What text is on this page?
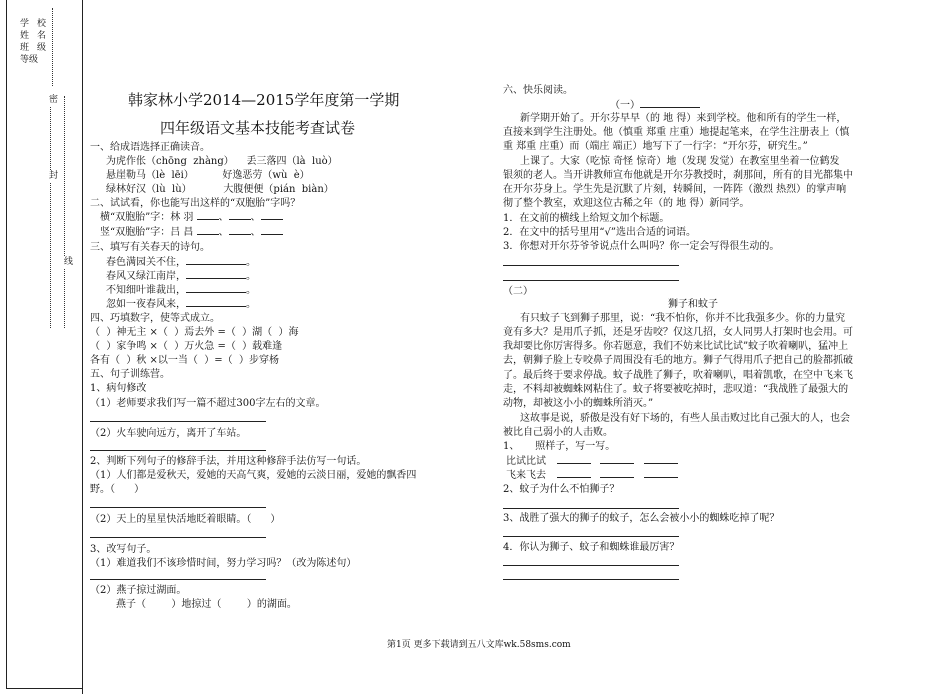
学 校
姓 名
班 级
等级
密
封
线
韩家林小学2014—2015学年度第一学期
四年级语文基本技能考查试卷
一、给成语选择正确读音。
为虎作伥（chōng  zhàng）    丢三落四（là  luò）
悬崖勒马（lè  lēi）         好逸恶劳（wù  è）
绿林好汉（lù  lù）          大腹便便（pián  biàn）
二、试试看，你也能写出这样的“双胞胎”字吗？
横“双胞胎”字：林 羽	、 、
竖“双胞胎”字：吕 昌	、 、
三、填写有关春天的诗句。
春色满园关不住，	。
春风又绿江南岸，	。
不知细叶谁裁出，	。
忽如一夜春风来，	。
四、巧填数字，使等式成立。
（  ）神无主 ×（  ）焉去外 =（  ）湖（  ）海
（  ）家争鸣 ×（  ）万火急 =（  ）载难逢
各有（  ）秋 ×以一当（  ）=（  ）步穿杨
五、句子训练营。
1、病句修改
（1）老师要求我们写一篇不超过300字左右的文章。
（2）火车驶向远方，离开了车站。
2、判断下列句子的修辞手法，并用这种修辞手法仿写一句话。
（1）人们都是爱秋天，爱她的天高气爽，爱她的云淡日丽，爱她的飘香四
野。（      ）
（2）天上的星星快活地眨着眼睛。（      ）
3、改写句子。
（1）难道我们不该珍惜时间，努力学习吗？（改为陈述句）
（2）燕子掠过湖面。
燕子（        ）地掠过（        ）的湖面。
六、快乐阅读。
（一）
新学期开始了。开尔芬早早（的 地 得）来到学校。他和所有的学生一样，
直接来到学生注册处。他（慎重 郑重 庄重）地提起笔来，在学生注册表上（慎
重 郑重 庄重）而（端庄 端正）地写下了一行字：“开尔芬，研究生。”
上课了。大家（吃惊 奇怪 惊奇）地（发现 发觉）在教室里坐着一位鹤发
银须的老人。当开讲教师宣布他就是开尔芬教授时，刹那间，所有的目光都集中
在开尔芬身上。学生先是沉默了片刻，转瞬间，一阵阵（激烈 热烈）的掌声响
彻了整个教室，欢迎这位古稀之年（的 地 得）新同学。
1．在文前的横线上给短文加个标题。
2．在文中的括号里用“√”选出合适的词语。
3．你想对开尔芬爷爷说点什么叫吗？你一定会写得很生动的。
（二）
狮子和蚊子
有只蚊子飞到狮子那里，说：“我不怕你，你并不比我强多少。你的力量究
竟有多大？是用爪子抓，还是牙齿咬？仅这几招，女人同男人打架时也会用。可
我却要比你厉害得多。你若愿意，我们不妨来比试比试”蚊子吹着喇叭，猛冲上
去，朝狮子脸上专咬鼻子周围没有毛的地方。狮子气得用爪子把自己的脸都抓破
了。最后终于要求停战。蚊子战胜了狮子，吹着喇叭，唱着凯歌，在空中飞来飞
走，不料却被蜘蛛网粘住了。蚊子将要被吃掉时，悲叹道：“我战胜了最强大的
动物，却被这小小的蜘蛛所消灭。”
这故事是说，骄傲是没有好下场的，有些人虽击败过比自己强大的人，也会
被比自己弱小的人击败。
1、     照样子，写一写。
比试比试
飞来飞去
2、蚊子为什么不怕狮子？
3、战胜了强大的狮子的蚊子，怎么会被小小的蜘蛛吃掉了呢？
4．你认为狮子、蚊子和蜘蛛谁最厉害？
第1页 更多下载请到五八文库wk.58sms.com
